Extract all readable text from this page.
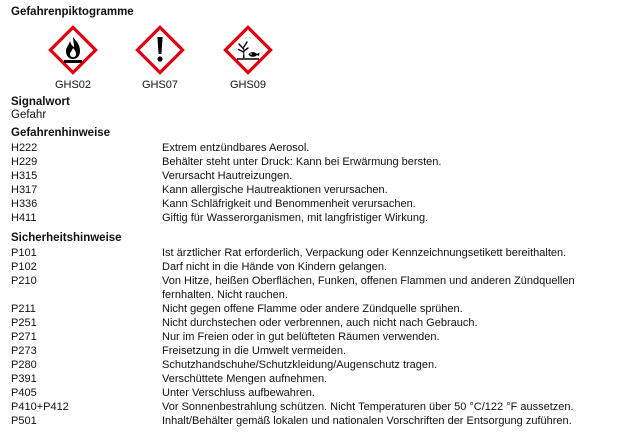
Gefahrenpiktogramme
GHS02	GHS07	GHS09
Signalwort
Gefahr
Gefahrenhinweise
H222	Extrem entzündbares Aerosol.
H229	Behälter steht unter Druck: Kann bei Erwärmung bersten.
H315	Verursacht Hautreizungen.
H317	Kann allergische Hautreaktionen verursachen.
H336	Kann Schläfrigkeit und Benommenheit verursachen.
H411	Giftig für Wasserorganismen, mit langfristiger Wirkung.
Sicherheitshinweise
P101	Ist ärztlicher Rat erforderlich, Verpackung oder Kennzeichnungsetikett bereithalten.
P102	Darf nicht in die Hände von Kindern gelangen.
P210	Von Hitze, heißen Oberflächen, Funken, offenen Flammen und anderen Zündquellen
fernhalten. Nicht rauchen.
P211	Nicht gegen offene Flamme oder andere Zündquelle sprühen.
P251	Nicht durchstechen oder verbrennen, auch nicht nach Gebrauch.
P271	Nur im Freien oder in gut belüfteten Räumen verwenden.
P273	Freisetzung in die Umwelt vermeiden.
P280	Schutzhandschuhe/Schutzkleidung/Augenschutz tragen.
P391	Verschüttete Mengen aufnehmen.
P405	Unter Verschluss aufbewahren.
P410+P412	Vor Sonnenbestrahlung schützen. Nicht Temperaturen über 50 °C/122 °F aussetzen.
P501	Inhalt/Behälter gemäß lokalen und nationalen Vorschriften der Entsorgung zuführen.
